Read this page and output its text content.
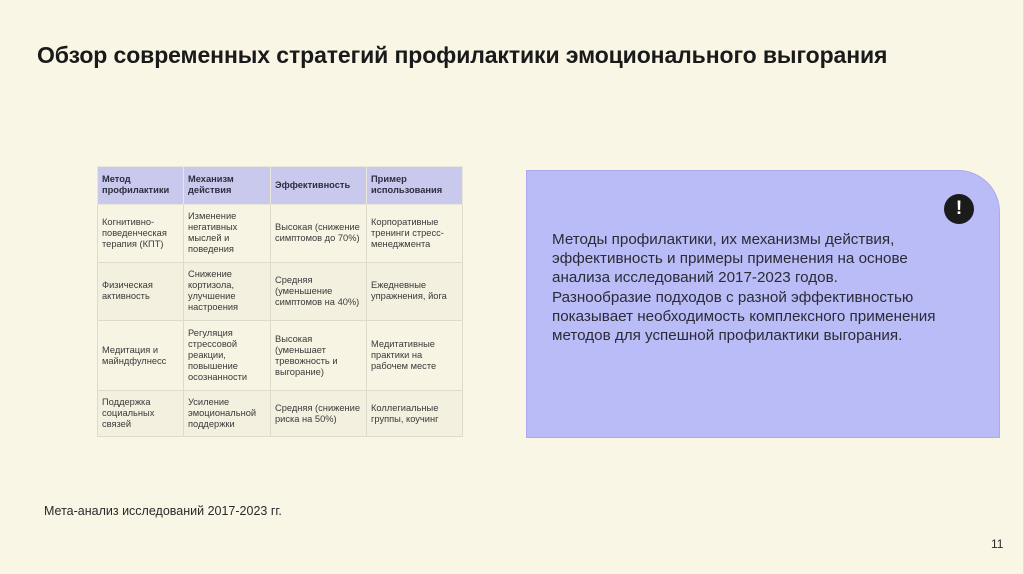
Обзор современных стратегий профилактики эмоционального выгорания
Метод профилактики	Механизм действия	Эффективность	Пример использования
Когнитивно-поведенческая терапия (КПТ)	Изменение негативных мыслей и поведения	Высокая (снижение симптомов до 70%)	Корпоративные тренинги стресс-менеджмента
Физическая активность	Снижение кортизола, улучшение настроения	Средняя (уменьшение симптомов на 40%)	Ежедневные упражнения, йога
Медитация и майндфулнесс	Регуляция стрессовой реакции, повышение осознанности	Высокая (уменьшает тревожность и выгорание)	Медитативные практики на рабочем месте
Поддержка социальных связей	Усиление эмоциональной поддержки	Средняя (снижение риска на 50%)	Коллегиальные группы, коучинг
!

Методы профилактики, их механизмы действия, эффективность и примеры применения на основе анализа исследований 2017-2023 годов.

Разнообразие подходов с разной эффективностью показывает необходимость комплексного применения методов для успешной профилактики выгорания.

Мета-анализ исследований 2017-2023 гг.
11
